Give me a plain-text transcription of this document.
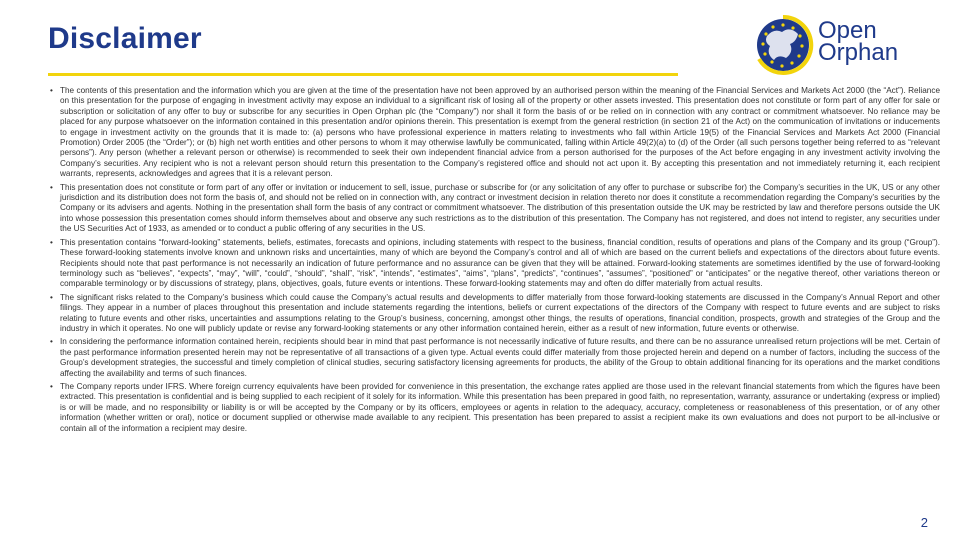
Disclaimer	Open
Orphan
• The contents of this presentation and the information which you are given at the time of the presentation have not been approved by an authorised person within the meaning of the Financial Services and Markets Act 2000 (the “Act”). Reliance on this presentation for the purpose of engaging in investment activity may expose an individual to a significant risk of losing all of the property or other assets invested. This presentation does not constitute or form part of any offer for sale or subscription or solicitation of any offer to buy or subscribe for any securities in Open Orphan plc (the “Company”) nor shall it form the basis of or be relied on in connection with any contract or commitment whatsoever. No reliance may be placed for any purpose whatsoever on the information contained in this presentation and/or opinions therein. This presentation is exempt from the general restriction (in section 21 of the Act) on the communication of invitations or inducements to engage in investment activity on the grounds that it is made to: (a) persons who have professional experience in matters relating to investments who fall within Article 19(5) of the Financial Services and Markets Act 2000 (Financial Promotion) Order 2005 (the “Order”); or (b) high net worth entities and other persons to whom it may otherwise lawfully be communicated, falling within Article 49(2)(a) to (d) of the Order (all such persons together being referred to as “relevant persons”). Any person (whether a relevant person or otherwise) is recommended to seek their own independent financial advice from a person authorised for the purposes of the Act before engaging in any investment activity involving the Company’s securities. Any recipient who is not a relevant person should return this presentation to the Company’s registered office and should not act upon it. By accepting this presentation and not immediately returning it, each recipient warrants, represents, acknowledges and agrees that it is a relevant person.
• This presentation does not constitute or form part of any offer or invitation or inducement to sell, issue, purchase or subscribe for (or any solicitation of any offer to purchase or subscribe for) the Company’s securities in the UK, US or any other jurisdiction and its distribution does not form the basis of, and should not be relied on in connection with, any contract or investment decision in relation thereto nor does it constitute a recommendation regarding the Company’s securities by the Company or its advisers and agents. Nothing in the presentation shall form the basis of any contract or commitment whatsoever. The distribution of this presentation outside the UK may be restricted by law and therefore persons outside the UK into whose possession this presentation comes should inform themselves about and observe any such restrictions as to the distribution of this presentation. The Company has not registered, and does not intend to register, any securities under the US Securities Act of 1933, as amended or to conduct a public offering of any securities in the US.
• This presentation contains “forward-looking” statements, beliefs, estimates, forecasts and opinions, including statements with respect to the business, financial condition, results of operations and plans of the Company and its group (“Group”). These forward-looking statements involve known and unknown risks and uncertainties, many of which are beyond the Company’s control and all of which are based on the current beliefs and expectations of the directors about future events. Recipients should note that past performance is not necessarily an indication of future performance and no assurance can be given that they will be attained. Forward-looking statements are sometimes identified by the use of forward-looking terminology such as “believes”, “expects”, “may”, “will”, “could”, “should”, “shall”, “risk”, “intends”, “estimates”, “aims”, “plans”, “predicts”, “continues”, “assumes”, “positioned” or “anticipates” or the negative thereof, other variations thereon or comparable terminology or by discussions of strategy, plans, objectives, goals, future events or intentions. These forward-looking statements may and often do differ materially from actual results.
• The significant risks related to the Company’s business which could cause the Company’s actual results and developments to differ materially from those forward-looking statements are discussed in the Company’s Annual Report and other filings. They appear in a number of places throughout this presentation and include statements regarding the intentions, beliefs or current expectations of the directors of the Company with respect to future events and are subject to risks relating to future events and other risks, uncertainties and assumptions relating to the Group’s business, concerning, amongst other things, the results of operations, financial condition, prospects, growth and strategies of the Group and the industry in which it operates. No one will publicly update or revise any forward-looking statements or any other information contained herein, either as a result of new information, future events or otherwise.
• In considering the performance information contained herein, recipients should bear in mind that past performance is not necessarily indicative of future results, and there can be no assurance unrealised return projections will be met. Certain of the past performance information presented herein may not be representative of all transactions of a given type. Actual events could differ materially from those projected herein and depend on a number of factors, including the success of the Group’s development strategies, the successful and timely completion of clinical studies, securing satisfactory licensing agreements for products, the ability of the Group to obtain additional financing for its operations and the market conditions affecting the availability and terms of such finances.
• The Company reports under IFRS. Where foreign currency equivalents have been provided for convenience in this presentation, the exchange rates applied are those used in the relevant financial statements from which the figures have been extracted. This presentation is confidential and is being supplied to each recipient of it solely for its information. While this presentation has been prepared in good faith, no representation, warranty, assurance or undertaking (express or implied) is or will be made, and no responsibility or liability is or will be accepted by the Company or by its officers, employees or agents in relation to the adequacy, accuracy, completeness or reasonableness of this presentation, or of any other information (whether written or oral), notice or document supplied or otherwise made available to any recipient. This presentation has been prepared to assist a recipient make its own evaluations and does not purport to be all-inclusive or contain all of the information a recipient may desire.
2
